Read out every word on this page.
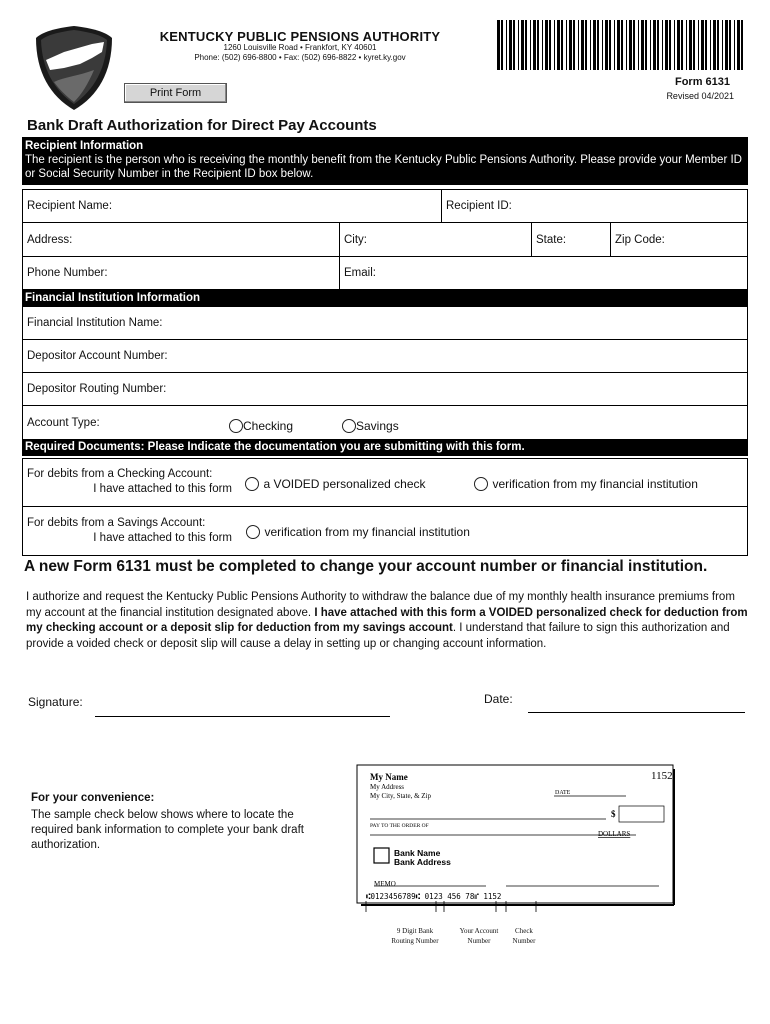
KENTUCKY PUBLIC PENSIONS AUTHORITY
1260 Louisville Road • Frankfort, KY 40601
Phone: (502) 696-8800 • Fax: (502) 696-8822 • kyret.ky.gov
Form 6131
Revised 04/2021
Print Form
Bank Draft Authorization for Direct Pay Accounts
Recipient Information
The recipient is the person who is receiving the monthly benefit from the Kentucky Public Pensions Authority. Please provide your Member ID or Social Security Number in the Recipient ID box below.
Recipient Name:	Recipient ID:
Address:	City:	State:	Zip Code:
Phone Number:	Email:
Financial Institution Information
Financial Institution Name:
Depositor Account Number:
Depositor Routing Number:
Account Type:	Checking	Savings
Required Documents: Please Indicate the documentation you are submitting with this form.
For debits from a Checking Account:
I have attached to this form	a VOIDED personalized check	verification from my financial institution
For debits from a Savings Account:
I have attached to this form	verification from my financial institution
A new Form 6131 must be completed to change your account number or financial institution.
I authorize and request the Kentucky Public Pensions Authority to withdraw the balance due of my monthly health insurance premiums from my account at the financial institution designated above. I have attached with this form a VOIDED personalized check for deduction from my checking account or a deposit slip for deduction from my savings account. I understand that failure to sign this authorization and provide a voided check or deposit slip will cause a delay in setting up or changing account information.
Signature:	Date:
For your convenience:
The sample check below shows where to locate the required bank information to complete your bank draft authorization.
My Name
My Address
My City, State, & Zip
1152
DATE
PAY TO THE ORDER OF
$
DOLLARS
Bank Name
Bank Address
MEMO
⑆0123456789⑆ 0123 456 78⑈ 1152
9 Digit Bank
Routing Number
Your Account
Number
Check
Number
